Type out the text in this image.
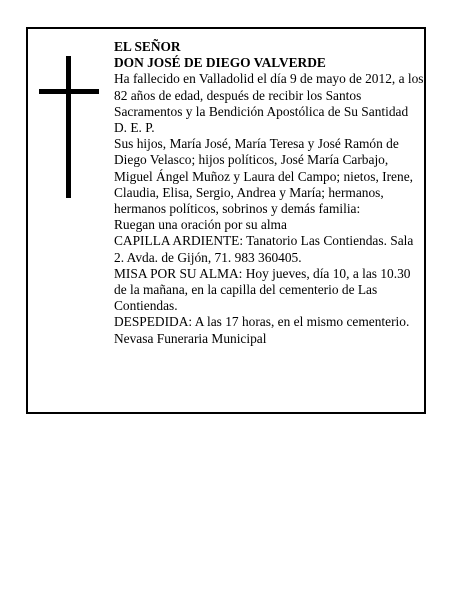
EL SEÑOR

DON JOSÉ DE DIEGO VALVERDE

Ha fallecido en Valladolid el día 9 de mayo de 2012, a los 82 años de edad, después de recibir los Santos Sacramentos y la Bendición Apostólica de Su Santidad D. E. P.

Sus hijos, María José, María Teresa y José Ramón de Diego Velasco; hijos políticos, José María Carbajo, Miguel Ángel Muñoz y Laura del Campo; nietos, Irene, Claudia, Elisa, Sergio, Andrea y María; hermanos, hermanos políticos, sobrinos y demás familia:

Ruegan una oración por su alma

CAPILLA ARDIENTE: Tanatorio Las Contiendas. Sala 2. Avda. de Gijón, 71. 983 360405.

MISA POR SU ALMA: Hoy jueves, día 10, a las 10.30 de la mañana, en la capilla del cementerio de Las Contiendas.

DESPEDIDA: A las 17 horas, en el mismo cementerio.

Nevasa Funeraria Municipal
